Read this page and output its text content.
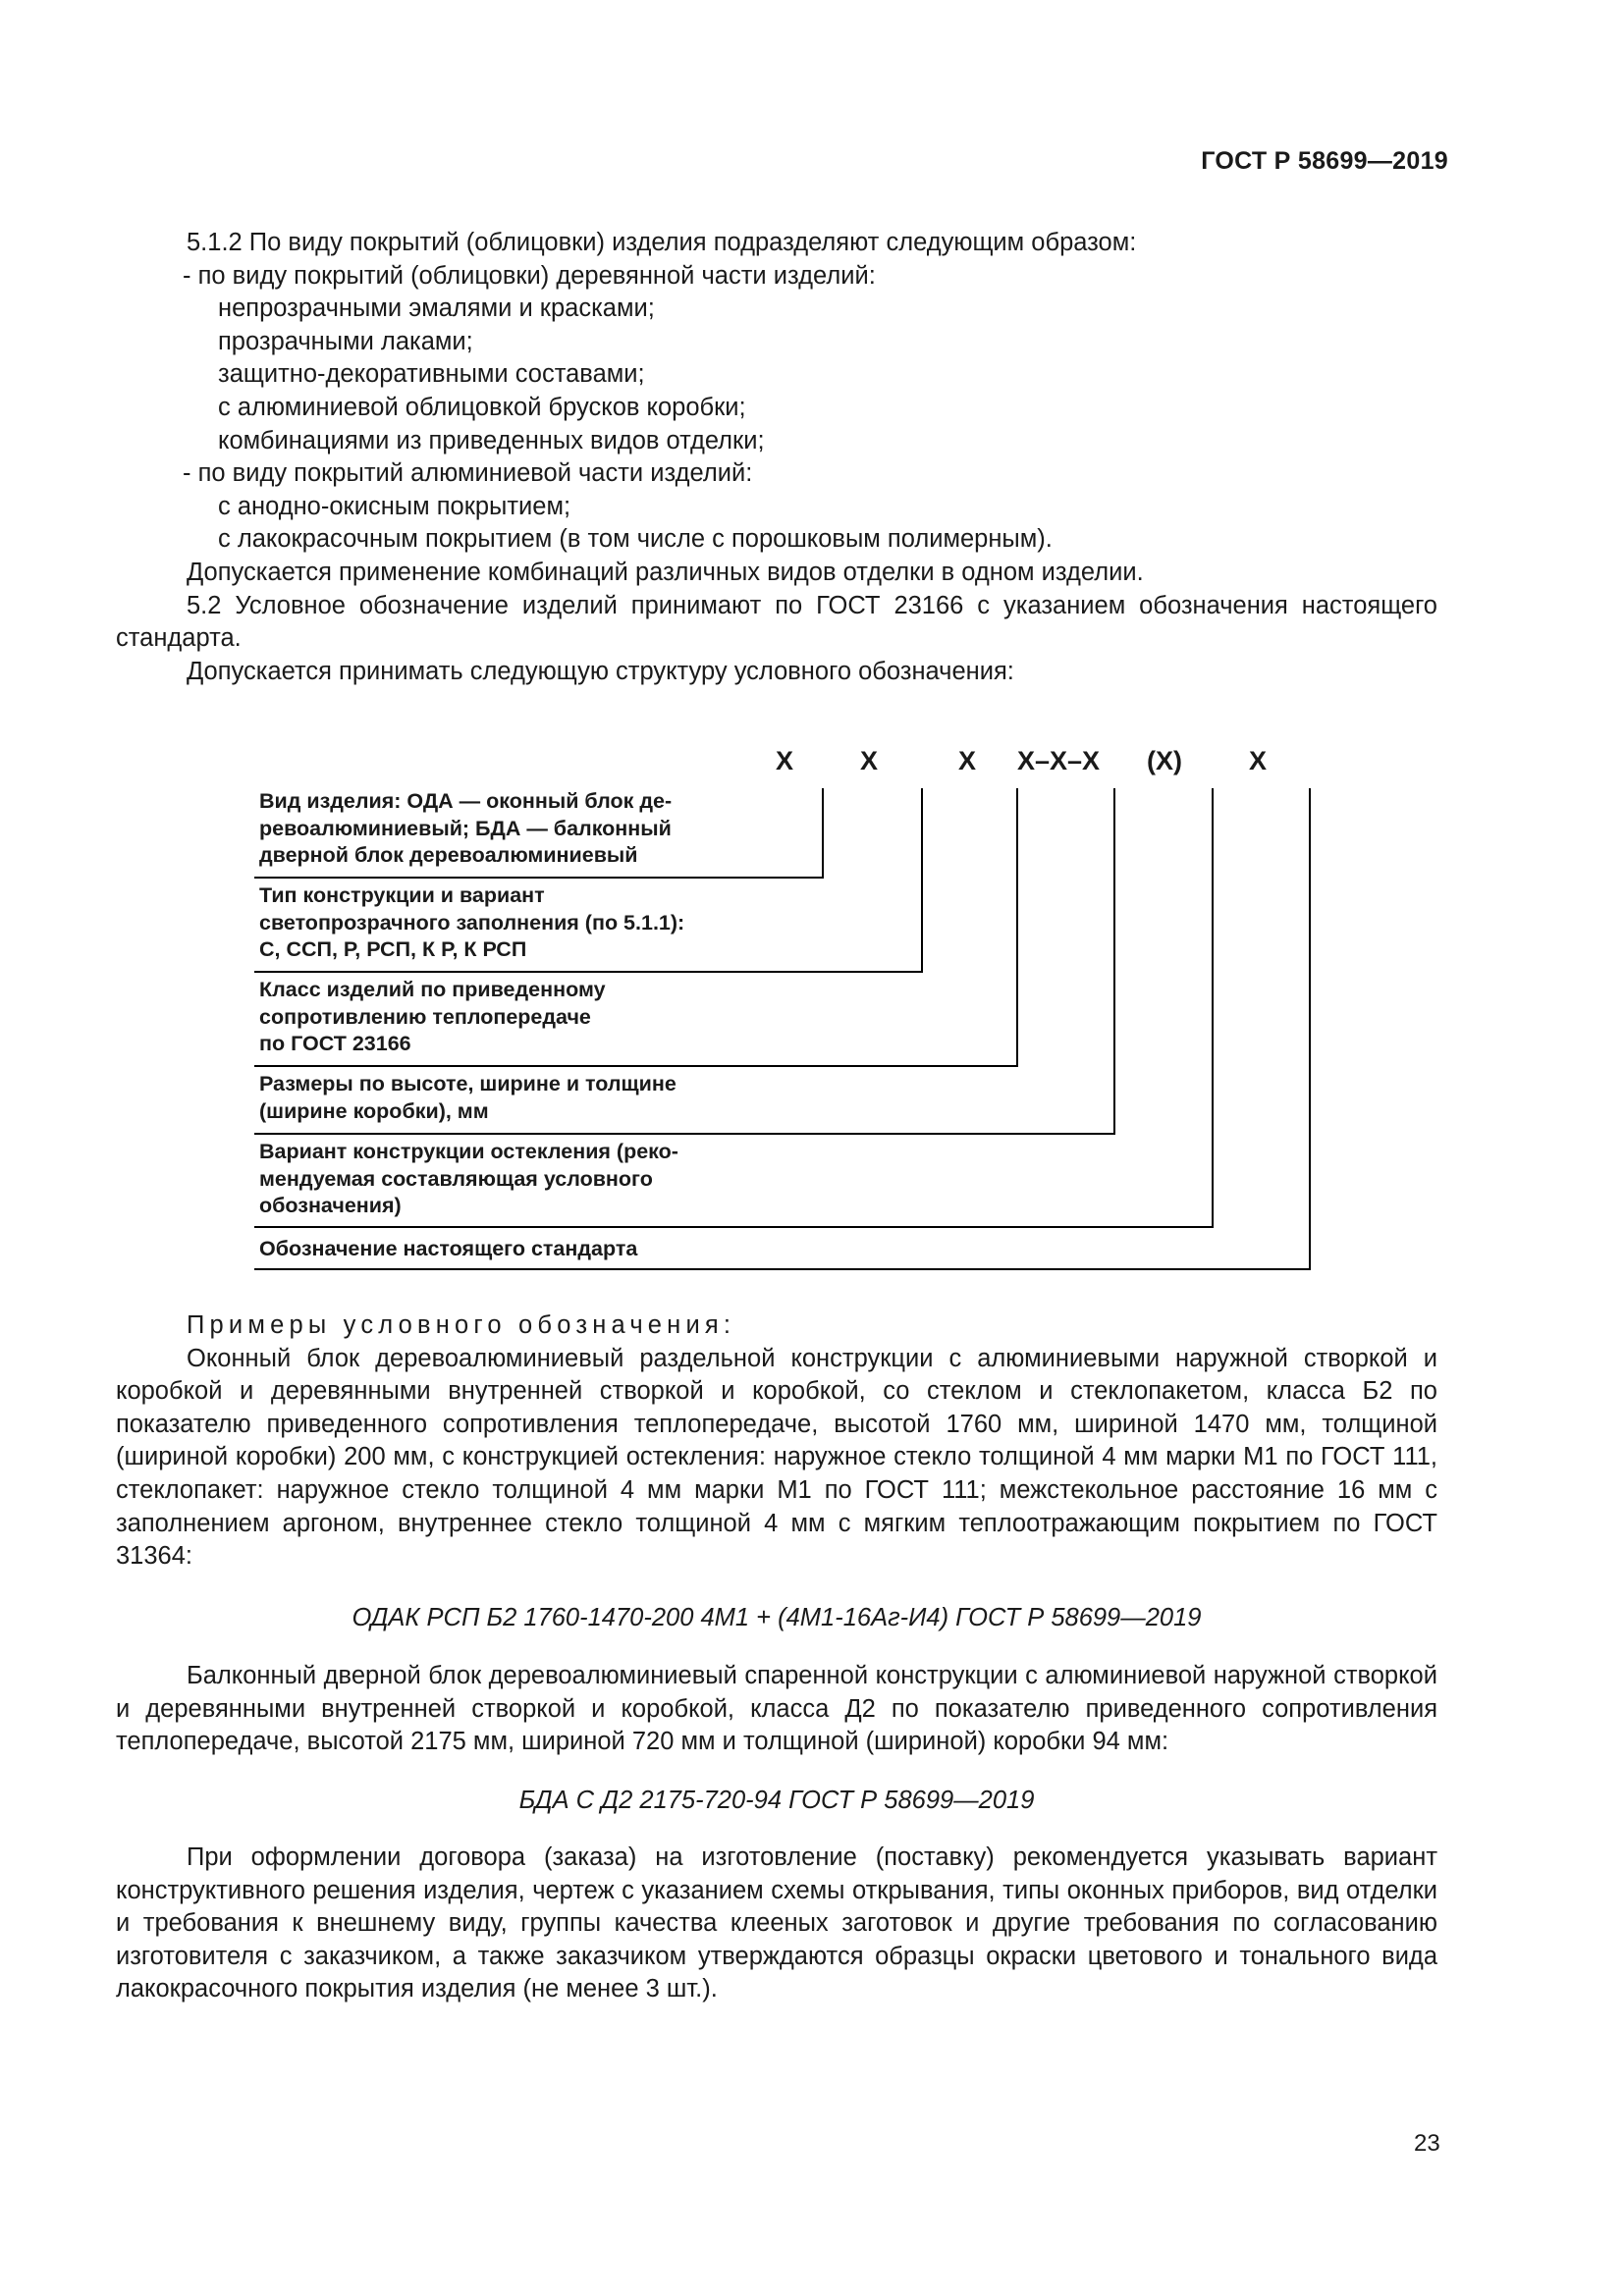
ГОСТ Р 58699—2019

5.1.2 По виду покрытий (облицовки) изделия подразделяют следующим образом:

- по виду покрытий (облицовки) деревянной части изделий:

непрозрачными эмалями и красками;

прозрачными лаками;

защитно-декоративными составами;

с алюминиевой облицовкой брусков коробки;

комбинациями из приведенных видов отделки;

- по виду покрытий алюминиевой части изделий:

с анодно-окисным покрытием;

с лакокрасочным покрытием (в том числе с порошковым полимерным).

Допускается применение комбинаций различных видов отделки в одном изделии.

5.2 Условное обозначение изделий принимают по ГОСТ 23166 с указанием обозначения настоящего стандарта.

Допускается принимать следующую структуру условного обозначения:

X	X	X X–X–X (X)	X
Вид изделия: ОДА — оконный блок де-
ревоалюминиевый; БДА — балконный
дверной блок деревоалюминиевый
Тип конструкции и вариант
светопрозрачного заполнения (по 5.1.1):
С, ССП, Р, РСП, К Р, К РСП
Класс изделий по приведенному
сопротивлению теплопередаче
по ГОСТ 23166
Размеры по высоте, ширине и толщине
(ширине коробки), мм
Вариант конструкции остекления (реко-
мендуемая составляющая условного
обозначения)
Обозначение настоящего стандарта

Примеры условного обозначения:

Оконный блок деревоалюминиевый раздельной конструкции с алюминиевыми наружной створкой и коробкой и деревянными внутренней створкой и коробкой, со стеклом и стеклопакетом, класса Б2 по показателю приведенного сопротивления теплопередаче, высотой 1760 мм, шириной 1470 мм, толщиной (шириной коробки) 200 мм, с конструкцией остекления: наружное стекло толщиной 4 мм марки М1 по ГОСТ 111, стеклопакет: наружное стекло толщиной 4 мм марки М1 по ГОСТ 111; межстекольное расстояние 16 мм с заполнением аргоном, внутреннее стекло толщиной 4 мм с мягким теплоотражающим покрытием по ГОСТ 31364:

ОДАК РСП Б2 1760-1470-200 4М1 + (4М1-16Аг-И4) ГОСТ Р 58699—2019

Балконный дверной блок деревоалюминиевый спаренной конструкции с алюминиевой наружной створкой и деревянными внутренней створкой и коробкой, класса Д2 по показателю приведенного сопротивления теплопередаче, высотой 2175 мм, шириной 720 мм и толщиной (шириной) коробки 94 мм:

БДА С Д2 2175-720-94 ГОСТ Р 58699—2019

При оформлении договора (заказа) на изготовление (поставку) рекомендуется указывать вариант конструктивного решения изделия, чертеж с указанием схемы открывания, типы оконных приборов, вид отделки и требования к внешнему виду, группы качества клееных заготовок и другие требования по согласованию изготовителя с заказчиком, а также заказчиком утверждаются образцы окраски цветового и тонального вида лакокрасочного покрытия изделия (не менее 3 шт.).

23
